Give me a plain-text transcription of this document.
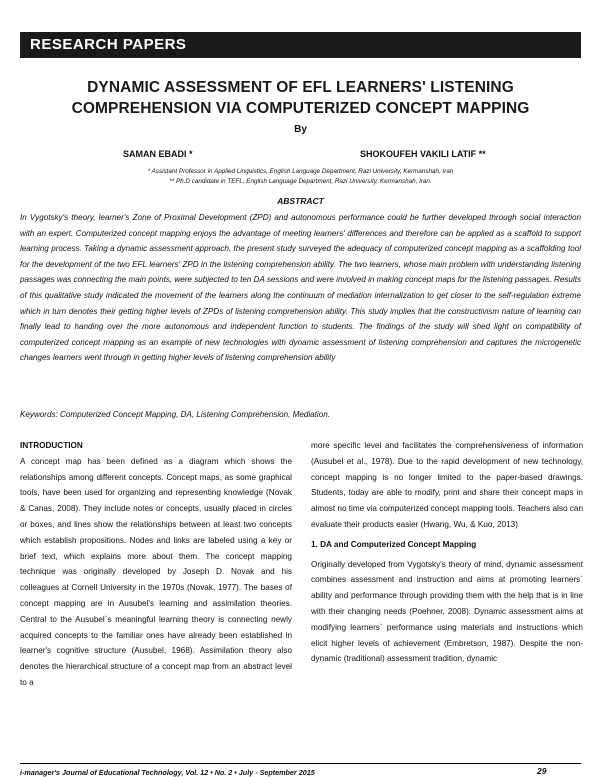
RESEARCH PAPERS
DYNAMIC ASSESSMENT OF EFL LEARNERS' LISTENING
COMPREHENSION VIA COMPUTERIZED CONCEPT MAPPING
By
SAMAN EBADI *	SHOKOUFEH VAKILI LATIF **
* Assistant Professor in Applied Linguistics, English Language Department, Razi University, Kermanshah, Iran
** Ph.D candidate in TEFL, English Language Department, Razi University, Kermanshah, Iran.
ABSTRACT
In Vygotsky's theory, learner's Zone of Proximal Development (ZPD) and autonomous performance could be further developed through social interaction with an expert. Computerized concept mapping enjoys the advantage of meeting learners' differences and therefore can be applied as a scaffold to support learning process. Taking a dynamic assessment approach, the present study surveyed the adequacy of computerized concept mapping as a scaffolding tool for the development of the two EFL learners' ZPD in the listening comprehension ability. The two learners, whose main problem with understanding listening passages was connecting the main points, were subjected to ten DA sessions and were involved in making concept maps for the listening passages. Results of this qualitative study indicated the movement of the learners along the continuum of mediation internalization to get closer to the self-regulation extreme which in turn denotes their getting higher levels of ZPDs of listening comprehension ability. This study implies that the constructivism nature of learning can finally lead to handing over the more autonomous and independent function to students. The findings of the study will shed light on compatibility of computerized concept mapping as an example of new technologies with dynamic assessment of listening comprehension and captures the microgenetic changes learners went through in getting higher levels of listening comprehension ability
Keywords: Computerized Concept Mapping, DA, Listening Comprehension, Mediation.

INTRODUCTION

A concept map has been defined as a diagram which shows the relationships among different concepts. Concept maps, as some graphical tools, have been used for organizing and representing knowledge (Novak & Canas, 2008). They include notes or concepts, usually placed in circles or boxes, and lines show the relationships between at least two concepts which establish propositions. Nodes and links are labeled using a key or brief text, which explains more about them. The concept mapping technique was originally developed by Joseph D. Novak and his colleagues at Cornell University in the 1970s (Novak, 1977). The bases of concept mapping are in Ausubel's learning and assimilation theories. Central to the Ausubel`s meaningful learning theory is connecting newly acquired concepts to the familiar ones have already been established in learner's cognitive structure (Ausubel, 1968). Assimilation theory also denotes the hierarchical structure of a concept map from an abstract level to a

more specific level and facilitates the comprehensiveness of information (Ausubel et al., 1978). Due to the rapid development of new technology, concept mapping is no longer limited to the paper-based drawings. Students, today are able to modify, print and share their concept maps in almost no time via computerized concept mapping tools. Teachers also can evaluate their products easier (Hwang, Wu, & Kuo, 2013)

1. DA and Computerized Concept Mapping

Originally developed from Vygotsky's theory of mind, dynamic assessment combines assessment and instruction and aims at promoting learners` ability and performance through providing them with the help that is in line with their changing needs (Poehner, 2008). Dynamic assessment aims at modifying learners` performance using materials and instructions which elicit higher levels of achievement (Embretson, 1987). Despite the non-dynamic (traditional) assessment tradition, dynamic

i-manager's Journal of Educational Technology, Vol. 12 • No. 2 • July - September 2015	29
